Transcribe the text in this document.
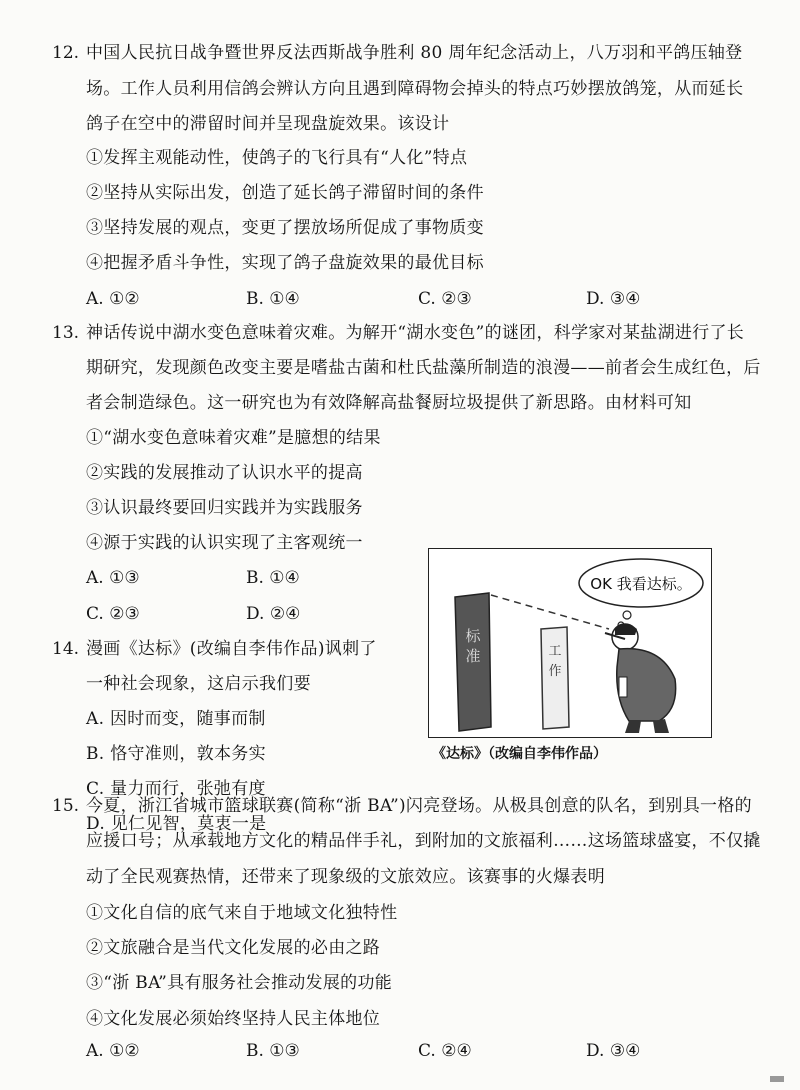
12. 中国人民抗日战争暨世界反法西斯战争胜利 80 周年纪念活动上，八万羽和平鸽压轴登
场。工作人员利用信鸽会辨认方向且遇到障碍物会掉头的特点巧妙摆放鸽笼，从而延长
鸽子在空中的滞留时间并呈现盘旋效果。该设计
①发挥主观能动性，使鸽子的飞行具有“人化”特点
②坚持从实际出发，创造了延长鸽子滞留时间的条件
③坚持发展的观点，变更了摆放场所促成了事物质变
④把握矛盾斗争性，实现了鸽子盘旋效果的最优目标
A. ①②	B. ①④	C. ②③	D. ③④
13. 神话传说中湖水变色意味着灾难。为解开“湖水变色”的谜团，科学家对某盐湖进行了长
期研究，发现颜色改变主要是嗜盐古菌和杜氏盐藻所制造的浪漫——前者会生成红色，后
者会制造绿色。这一研究也为有效降解高盐餐厨垃圾提供了新思路。由材料可知
①“湖水变色意味着灾难”是臆想的结果
②实践的发展推动了认识水平的提高
③认识最终要回归实践并为实践服务
④源于实践的认识实现了主客观统一
A. ①③	B. ①④
C. ②③	D. ②④
14. 漫画《达标》(改编自李伟作品)讽刺了
一种社会现象，这启示我们要
A. 因时而变，随事而制
B. 恪守准则，敦本务实
C. 量力而行，张弛有度
D. 见仁见智，莫衷一是
标
准	工
作
OK 我看达标。
《达标》（改编自李伟作品）
15. 今夏，浙江省城市篮球联赛(简称“浙 BA”)闪亮登场。从极具创意的队名，到别具一格的
应援口号；从承载地方文化的精品伴手礼，到附加的文旅福利……这场篮球盛宴，不仅撬
动了全民观赛热情，还带来了现象级的文旅效应。该赛事的火爆表明
①文化自信的底气来自于地域文化独特性
②文旅融合是当代文化发展的必由之路
③“浙 BA”具有服务社会推动发展的功能
④文化发展必须始终坚持人民主体地位
A. ①②	B. ①③	C. ②④	D. ③④
